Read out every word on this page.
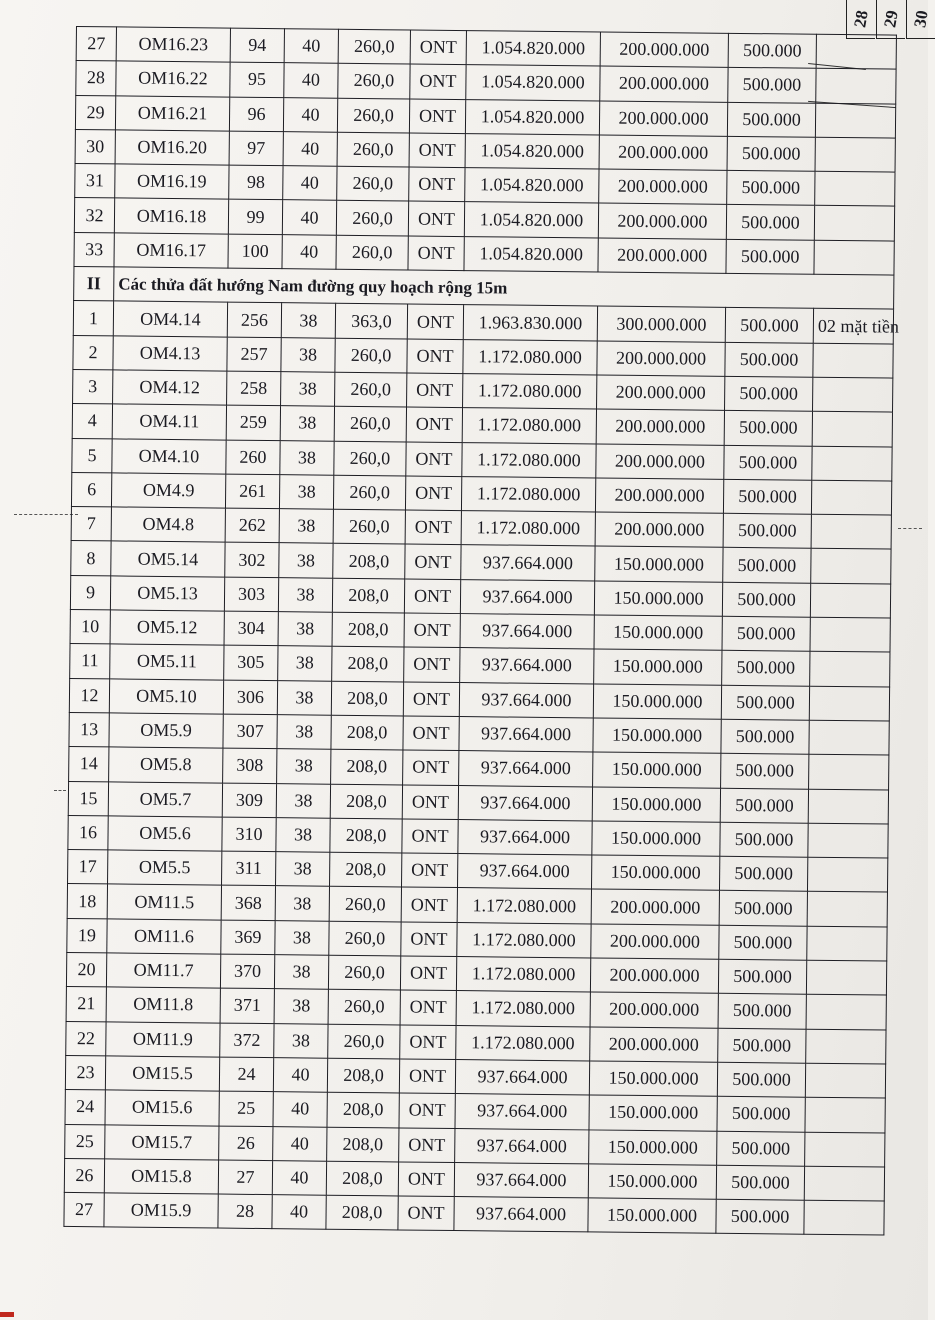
28 29 30
27	OM16.23	94	40	260,0	ONT	1.054.820.000	200.000.000	500.000	
28	OM16.22	95	40	260,0	ONT	1.054.820.000	200.000.000	500.000	
29	OM16.21	96	40	260,0	ONT	1.054.820.000	200.000.000	500.000	
30	OM16.20	97	40	260,0	ONT	1.054.820.000	200.000.000	500.000	
31	OM16.19	98	40	260,0	ONT	1.054.820.000	200.000.000	500.000	
32	OM16.18	99	40	260,0	ONT	1.054.820.000	200.000.000	500.000	
33	OM16.17	100	40	260,0	ONT	1.054.820.000	200.000.000	500.000	
II	Các thửa đất hướng Nam đường quy hoạch rộng 15m								
1	OM4.14	256	38	363,0	ONT	1.963.830.000	300.000.000	500.000	02 mặt tiền
2	OM4.13	257	38	260,0	ONT	1.172.080.000	200.000.000	500.000	
3	OM4.12	258	38	260,0	ONT	1.172.080.000	200.000.000	500.000	
4	OM4.11	259	38	260,0	ONT	1.172.080.000	200.000.000	500.000	
5	OM4.10	260	38	260,0	ONT	1.172.080.000	200.000.000	500.000	
6	OM4.9	261	38	260,0	ONT	1.172.080.000	200.000.000	500.000	
7	OM4.8	262	38	260,0	ONT	1.172.080.000	200.000.000	500.000	
8	OM5.14	302	38	208,0	ONT	937.664.000	150.000.000	500.000	
9	OM5.13	303	38	208,0	ONT	937.664.000	150.000.000	500.000	
10	OM5.12	304	38	208,0	ONT	937.664.000	150.000.000	500.000	
11	OM5.11	305	38	208,0	ONT	937.664.000	150.000.000	500.000	
12	OM5.10	306	38	208,0	ONT	937.664.000	150.000.000	500.000	
13	OM5.9	307	38	208,0	ONT	937.664.000	150.000.000	500.000	
14	OM5.8	308	38	208,0	ONT	937.664.000	150.000.000	500.000	
15	OM5.7	309	38	208,0	ONT	937.664.000	150.000.000	500.000	
16	OM5.6	310	38	208,0	ONT	937.664.000	150.000.000	500.000	
17	OM5.5	311	38	208,0	ONT	937.664.000	150.000.000	500.000	
18	OM11.5	368	38	260,0	ONT	1.172.080.000	200.000.000	500.000	
19	OM11.6	369	38	260,0	ONT	1.172.080.000	200.000.000	500.000	
20	OM11.7	370	38	260,0	ONT	1.172.080.000	200.000.000	500.000	
21	OM11.8	371	38	260,0	ONT	1.172.080.000	200.000.000	500.000	
22	OM11.9	372	38	260,0	ONT	1.172.080.000	200.000.000	500.000	
23	OM15.5	24	40	208,0	ONT	937.664.000	150.000.000	500.000	
24	OM15.6	25	40	208,0	ONT	937.664.000	150.000.000	500.000	
25	OM15.7	26	40	208,0	ONT	937.664.000	150.000.000	500.000	
26	OM15.8	27	40	208,0	ONT	937.664.000	150.000.000	500.000	
27	OM15.9	28	40	208,0	ONT	937.664.000	150.000.000	500.000	
